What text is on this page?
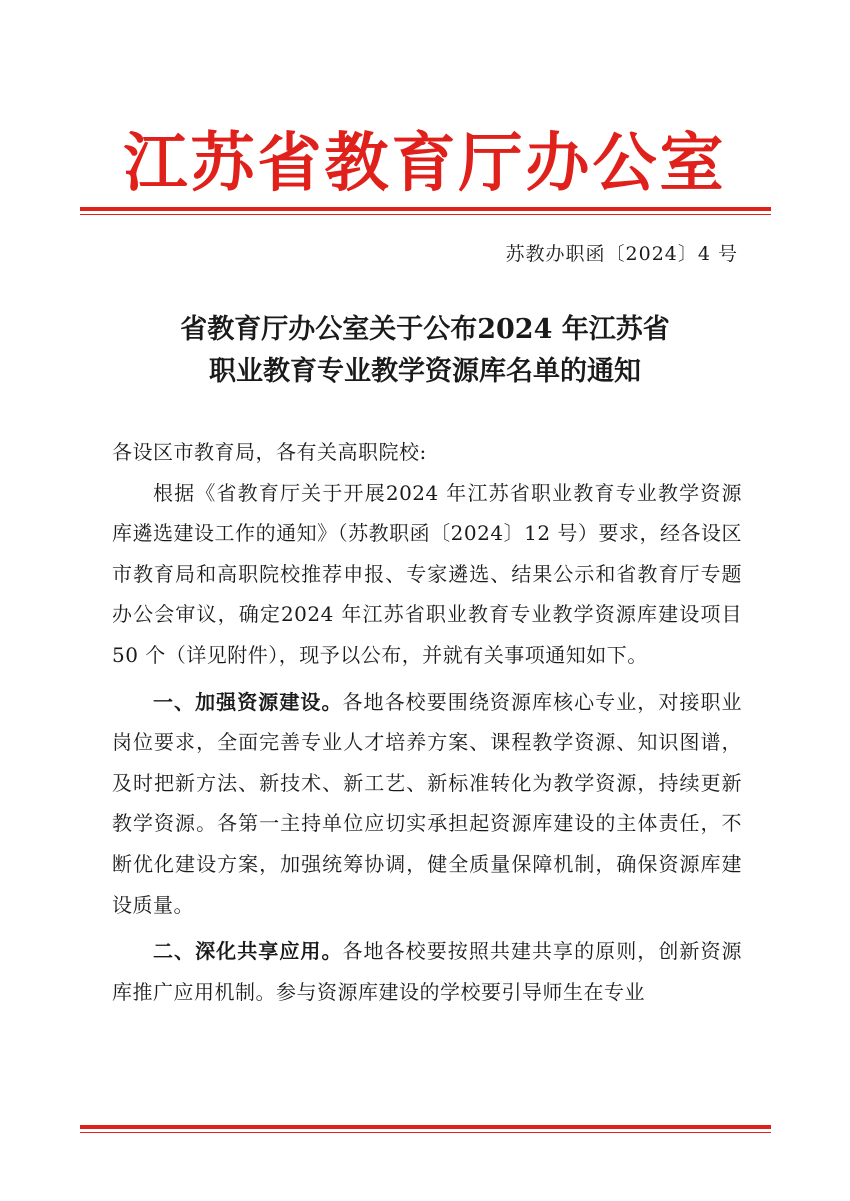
江苏省教育厅办公室
苏教办职函〔2024〕4 号
省教育厅办公室关于公布2024 年江苏省
职业教育专业教学资源库名单的通知

各设区市教育局，各有关高职院校:

根据《省教育厅关于开展2024 年江苏省职业教育专业教学资源库遴选建设工作的通知》（苏教职函〔2024〕12 号）要求，经各设区市教育局和高职院校推荐申报、专家遴选、结果公示和省教育厅专题办公会审议，确定2024 年江苏省职业教育专业教学资源库建设项目 50 个（详见附件），现予以公布，并就有关事项通知如下。

一、加强资源建设。各地各校要围绕资源库核心专业，对接职业岗位要求，全面完善专业人才培养方案、课程教学资源、知识图谱，及时把新方法、新技术、新工艺、新标准转化为教学资源，持续更新教学资源。各第一主持单位应切实承担起资源库建设的主体责任，不断优化建设方案，加强统筹协调，健全质量保障机制，确保资源库建设质量。

二、深化共享应用。各地各校要按照共建共享的原则，创新资源库推广应用机制。参与资源库建设的学校要引导师生在专业
